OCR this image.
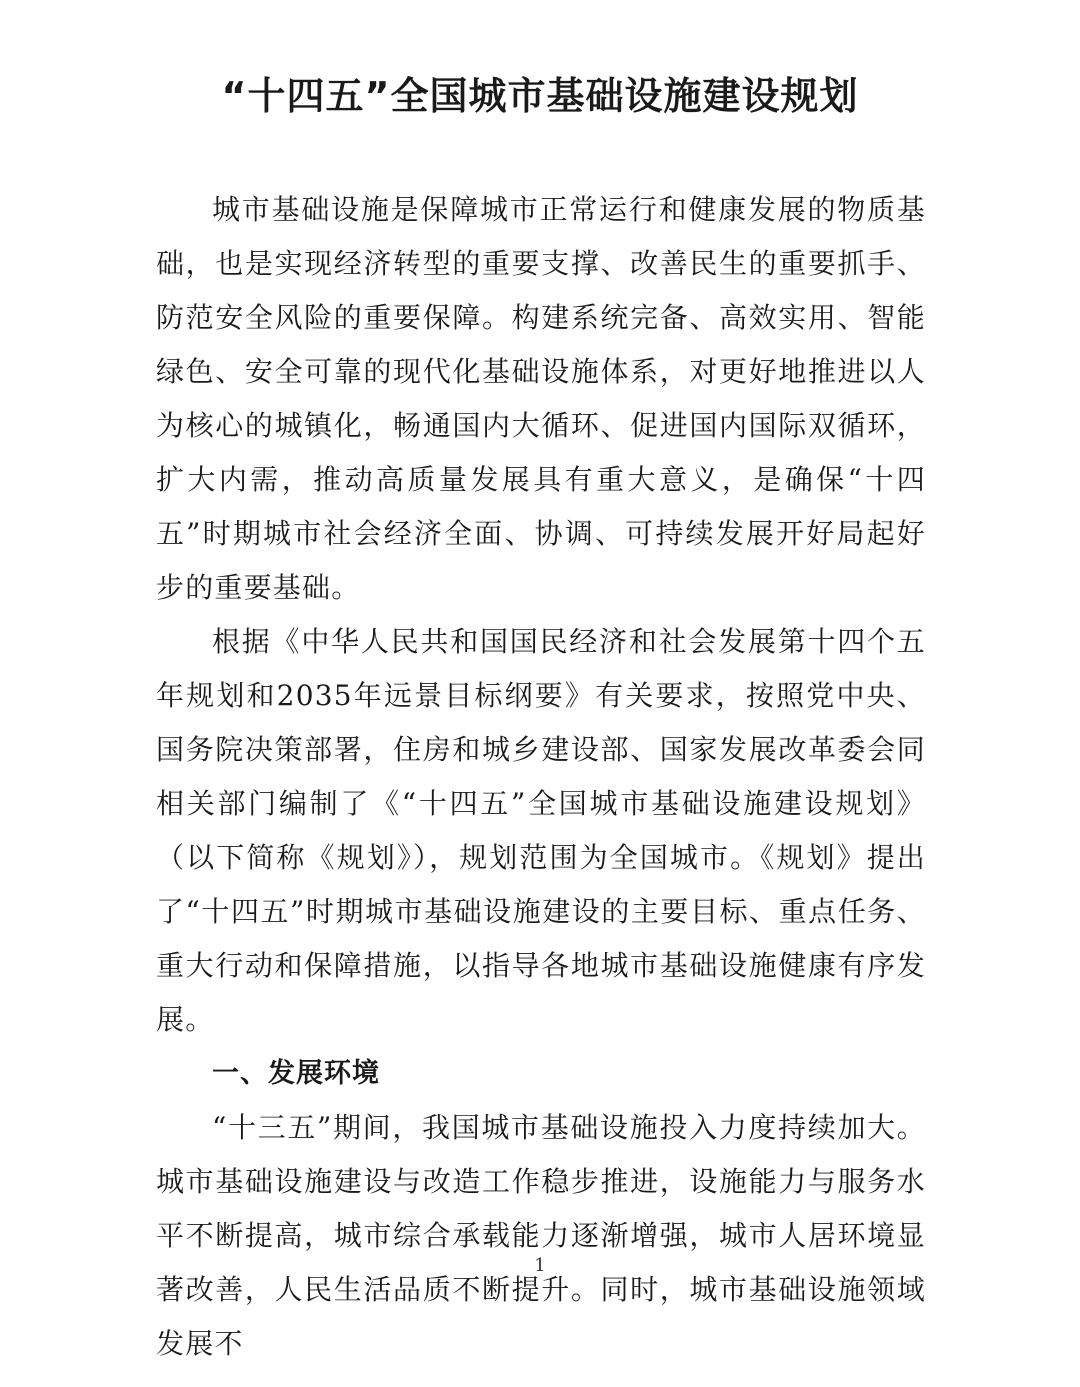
“十四五”全国城市基础设施建设规划

城市基础设施是保障城市正常运行和健康发展的物质基础，也是实现经济转型的重要支撑、改善民生的重要抓手、防范安全风险的重要保障。构建系统完备、高效实用、智能绿色、安全可靠的现代化基础设施体系，对更好地推进以人为核心的城镇化，畅通国内大循环、促进国内国际双循环，扩大内需，推动高质量发展具有重大意义，是确保“十四五”时期城市社会经济全面、协调、可持续发展开好局起好步的重要基础。

根据《中华人民共和国国民经济和社会发展第十四个五年规划和2035年远景目标纲要》有关要求，按照党中央、国务院决策部署，住房和城乡建设部、国家发展改革委会同相关部门编制了《“十四五”全国城市基础设施建设规划》（以下简称《规划》），规划范围为全国城市。《规划》提出了“十四五”时期城市基础设施建设的主要目标、重点任务、重大行动和保障措施，以指导各地城市基础设施健康有序发展。

一、发展环境

“十三五”期间，我国城市基础设施投入力度持续加大。城市基础设施建设与改造工作稳步推进，设施能力与服务水平不断提高，城市综合承载能力逐渐增强，城市人居环境显著改善，人民生活品质不断提升。同时，城市基础设施领域发展不

1
